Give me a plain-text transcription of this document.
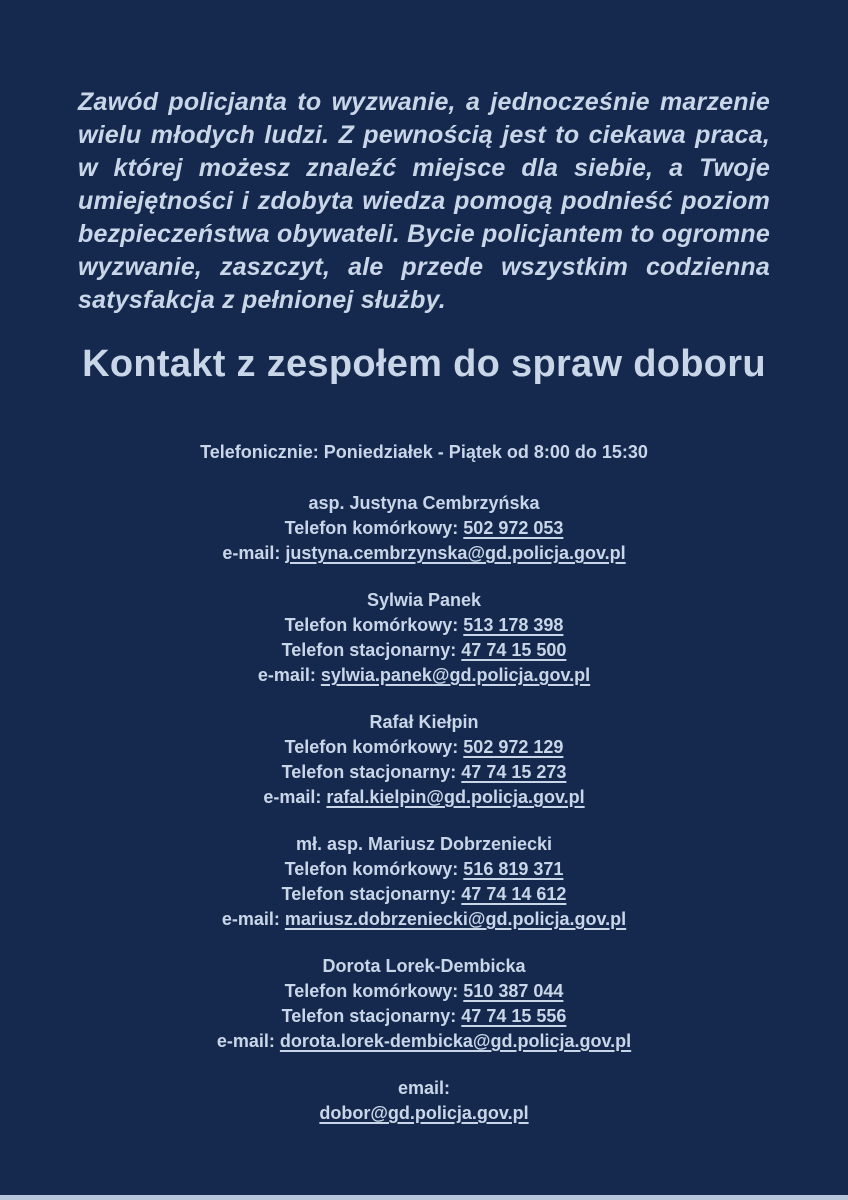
Zawód policjanta to wyzwanie, a jednocześnie marzenie wielu młodych ludzi. Z pewnością jest to ciekawa praca, w której możesz znaleźć miejsce dla siebie, a Twoje umiejętności i zdobyta wiedza pomogą podnieść poziom bezpieczeństwa obywateli. Bycie policjantem to ogromne wyzwanie, zaszczyt, ale przede wszystkim codzienna satysfakcja z pełnionej służby.

Kontakt z zespołem do spraw doboru

Telefonicznie: Poniedziałek - Piątek od 8:00 do 15:30

asp. Justyna Cembrzyńska

Telefon komórkowy: 502 972 053

e-mail: justyna.cembrzynska@gd.policja.gov.pl

Sylwia Panek

Telefon komórkowy: 513 178 398

Telefon stacjonarny: 47 74 15 500

e-mail: sylwia.panek@gd.policja.gov.pl

Rafał Kiełpin

Telefon komórkowy: 502 972 129

Telefon stacjonarny: 47 74 15 273

e-mail: rafal.kielpin@gd.policja.gov.pl

mł. asp. Mariusz Dobrzeniecki

Telefon komórkowy: 516 819 371

Telefon stacjonarny: 47 74 14 612

e-mail: mariusz.dobrzeniecki@gd.policja.gov.pl

Dorota Lorek-Dembicka

Telefon komórkowy: 510 387 044

Telefon stacjonarny: 47 74 15 556

e-mail: dorota.lorek-dembicka@gd.policja.gov.pl

email:

dobor@gd.policja.gov.pl
